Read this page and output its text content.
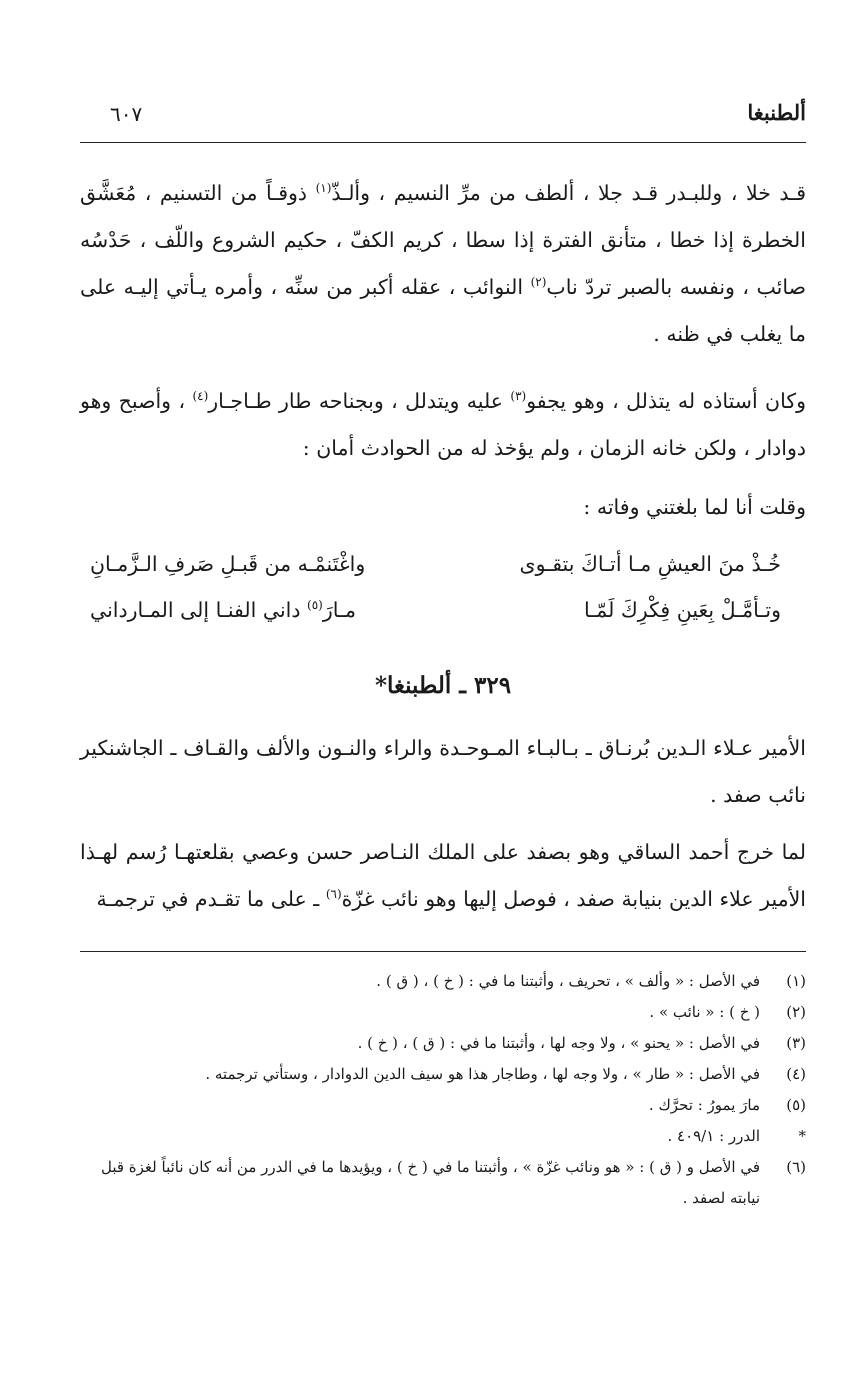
ألطنبغا
٦٠٧

قـد خلا ، وللبـدر قـد جلا ، ألطف من مرِّ النسيم ، وألـذّ$^{(١)}$ ذوقـاً من التسنيم ، مُعَشَّق الخطرة إذا خطا ، متأنق الفترة إذا سطا ، كريم الكفّ ، حكيم الشروع واللّف ، حَدْسُه صائب ، ونفسه بالصبر تردّ ناب$^{(٢)}$ النوائب ، عقله أكبر من سنِّه ، وأمره يـأتي إليـه على ما يغلب في ظنه .

وكان أستاذه له يتذلل ، وهو يجفو$^{(٣)}$ عليه ويتدلل ، وبجناحه طار طـاجـار$^{(٤)}$ ، وأصبح وهو دوادار ، ولكن خانه الزمان ، ولم يؤخذ له من الحوادث أمان :

وقلت أنا لما بلغتني وفاته :

خُـذْ منَ العيشِ مـا أتـاكَ بتقـوى
واغْتَنمْـه من قَبـلِ صَرفِ الـزَّمـانِ
وتـأمَّـلْ بِعَينِ فِكْرِكَ لَمّـا
مـارَ$^{(٥)}$ داني الفنـا إلى المـارداني
٣٢٩ ـ ألطبنغا*

الأمير عـلاء الـدين بُرنـاق ـ بـالبـاء المـوحـدة والراء والنـون والألف والقـاف ـ الجاشنكير نائب صفد .

لما خرج أحمد الساقي وهو بصفد على الملك النـاصر حسن وعصي بقلعتهـا رُسم لهـذا الأمير علاء الدين بنيابة صفد ، فوصل إليها وهو نائب غزّة$^{(٦)}$ ـ على ما تقـدم في ترجمـة

(١)
في الأصل : « وألف » ، تحريف ، وأثبتنا ما في : ( خ ) ، ( ق ) .
(٢)
( خ ) : « نائب » .
(٣)
في الأصل : « يحنو » ، ولا وجه لها ، وأثبتنا ما في : ( ق ) ، ( خ ) .
(٤)
في الأصل : « طار » ، ولا وجه لها ، وطاجار هذا هو سيف الدين الدوادار ، وستأتي ترجمته .
(٥)
مارَ يمورُ : تحرَّك .
*
الدرر : ٤٠٩/١ .
(٦)
في الأصل و ( ق ) : « هو ونائب غزّة » ، وأثبتنا ما في ( خ ) ، ويؤيدها ما في الدرر من أنه كان نائباً لغزة قبل نيابته لصفد .
